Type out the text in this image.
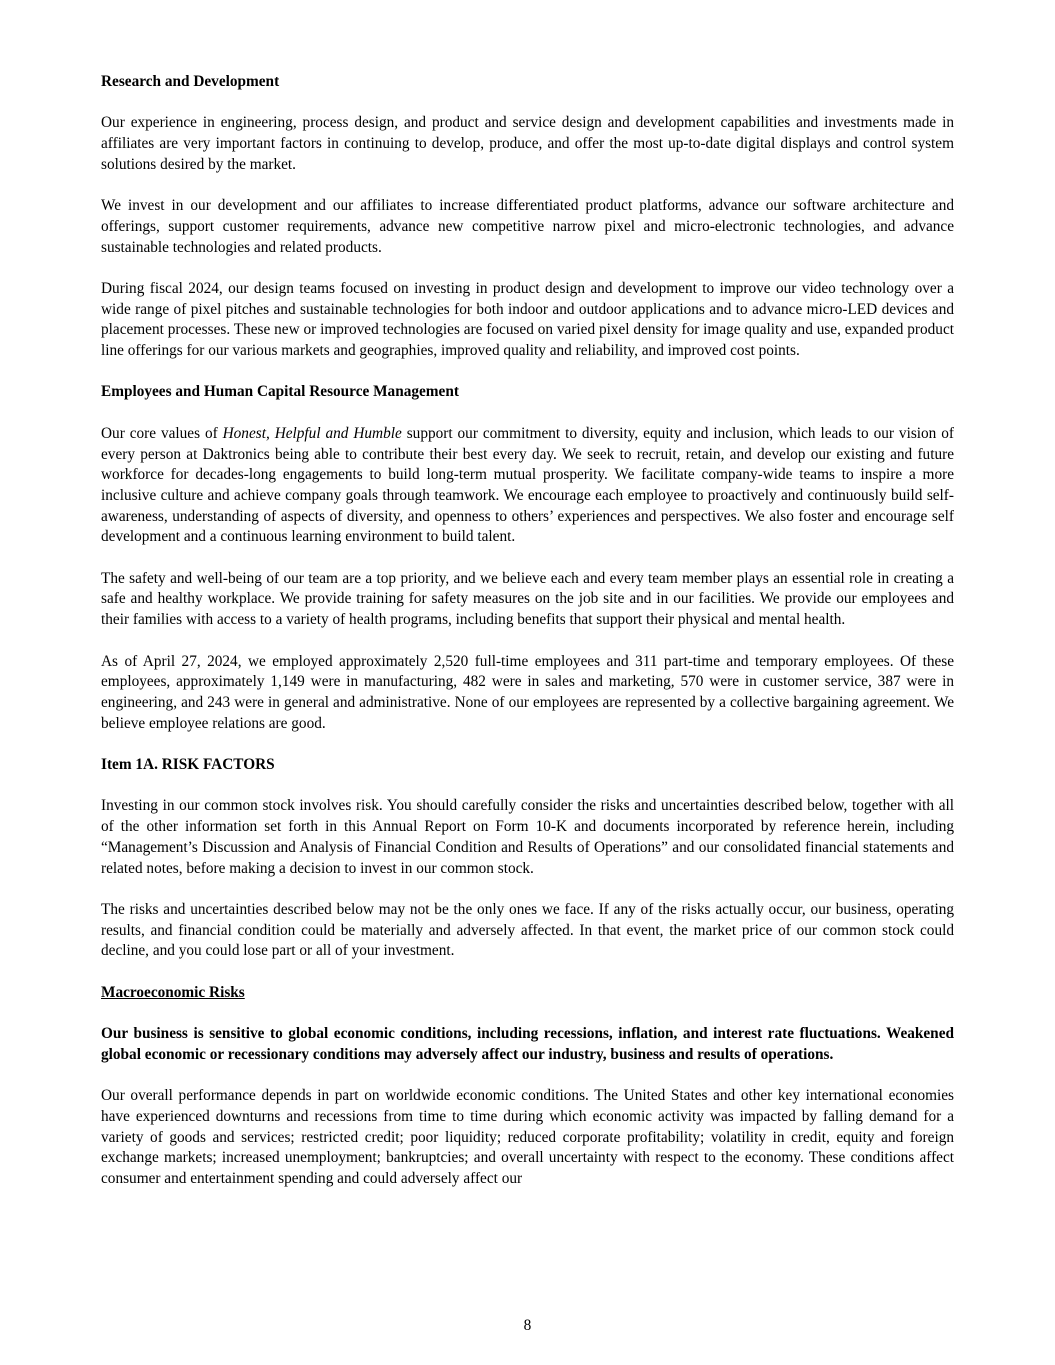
Research and Development

Our experience in engineering, process design, and product and service design and development capabilities and investments made in affiliates are very important factors in continuing to develop, produce, and offer the most up-to-date digital displays and control system solutions desired by the market.

We invest in our development and our affiliates to increase differentiated product platforms, advance our software architecture and offerings, support customer requirements, advance new competitive narrow pixel and micro-electronic technologies, and advance sustainable technologies and related products.

During fiscal 2024, our design teams focused on investing in product design and development to improve our video technology over a wide range of pixel pitches and sustainable technologies for both indoor and outdoor applications and to advance micro-LED devices and placement processes. These new or improved technologies are focused on varied pixel density for image quality and use, expanded product line offerings for our various markets and geographies, improved quality and reliability, and improved cost points.

Employees and Human Capital Resource Management

Our core values of Honest, Helpful and Humble support our commitment to diversity, equity and inclusion, which leads to our vision of every person at Daktronics being able to contribute their best every day. We seek to recruit, retain, and develop our existing and future workforce for decades-long engagements to build long-term mutual prosperity. We facilitate company-wide teams to inspire a more inclusive culture and achieve company goals through teamwork. We encourage each employee to proactively and continuously build self-awareness, understanding of aspects of diversity, and openness to others’ experiences and perspectives. We also foster and encourage self development and a continuous learning environment to build talent.

The safety and well-being of our team are a top priority, and we believe each and every team member plays an essential role in creating a safe and healthy workplace. We provide training for safety measures on the job site and in our facilities. We provide our employees and their families with access to a variety of health programs, including benefits that support their physical and mental health.

As of April 27, 2024, we employed approximately 2,520 full-time employees and 311 part-time and temporary employees. Of these employees, approximately 1,149 were in manufacturing, 482 were in sales and marketing, 570 were in customer service, 387 were in engineering, and 243 were in general and administrative. None of our employees are represented by a collective bargaining agreement. We believe employee relations are good.

Item 1A. RISK FACTORS

Investing in our common stock involves risk. You should carefully consider the risks and uncertainties described below, together with all of the other information set forth in this Annual Report on Form 10-K and documents incorporated by reference herein, including “Management’s Discussion and Analysis of Financial Condition and Results of Operations” and our consolidated financial statements and related notes, before making a decision to invest in our common stock.

The risks and uncertainties described below may not be the only ones we face. If any of the risks actually occur, our business, operating results, and financial condition could be materially and adversely affected. In that event, the market price of our common stock could decline, and you could lose part or all of your investment.

Macroeconomic Risks

Our business is sensitive to global economic conditions, including recessions, inflation, and interest rate fluctuations. Weakened global economic or recessionary conditions may adversely affect our industry, business and results of operations.

Our overall performance depends in part on worldwide economic conditions. The United States and other key international economies have experienced downturns and recessions from time to time during which economic activity was impacted by falling demand for a variety of goods and services; restricted credit; poor liquidity; reduced corporate profitability; volatility in credit, equity and foreign exchange markets; increased unemployment; bankruptcies; and overall uncertainty with respect to the economy. These conditions affect consumer and entertainment spending and could adversely affect our

8
